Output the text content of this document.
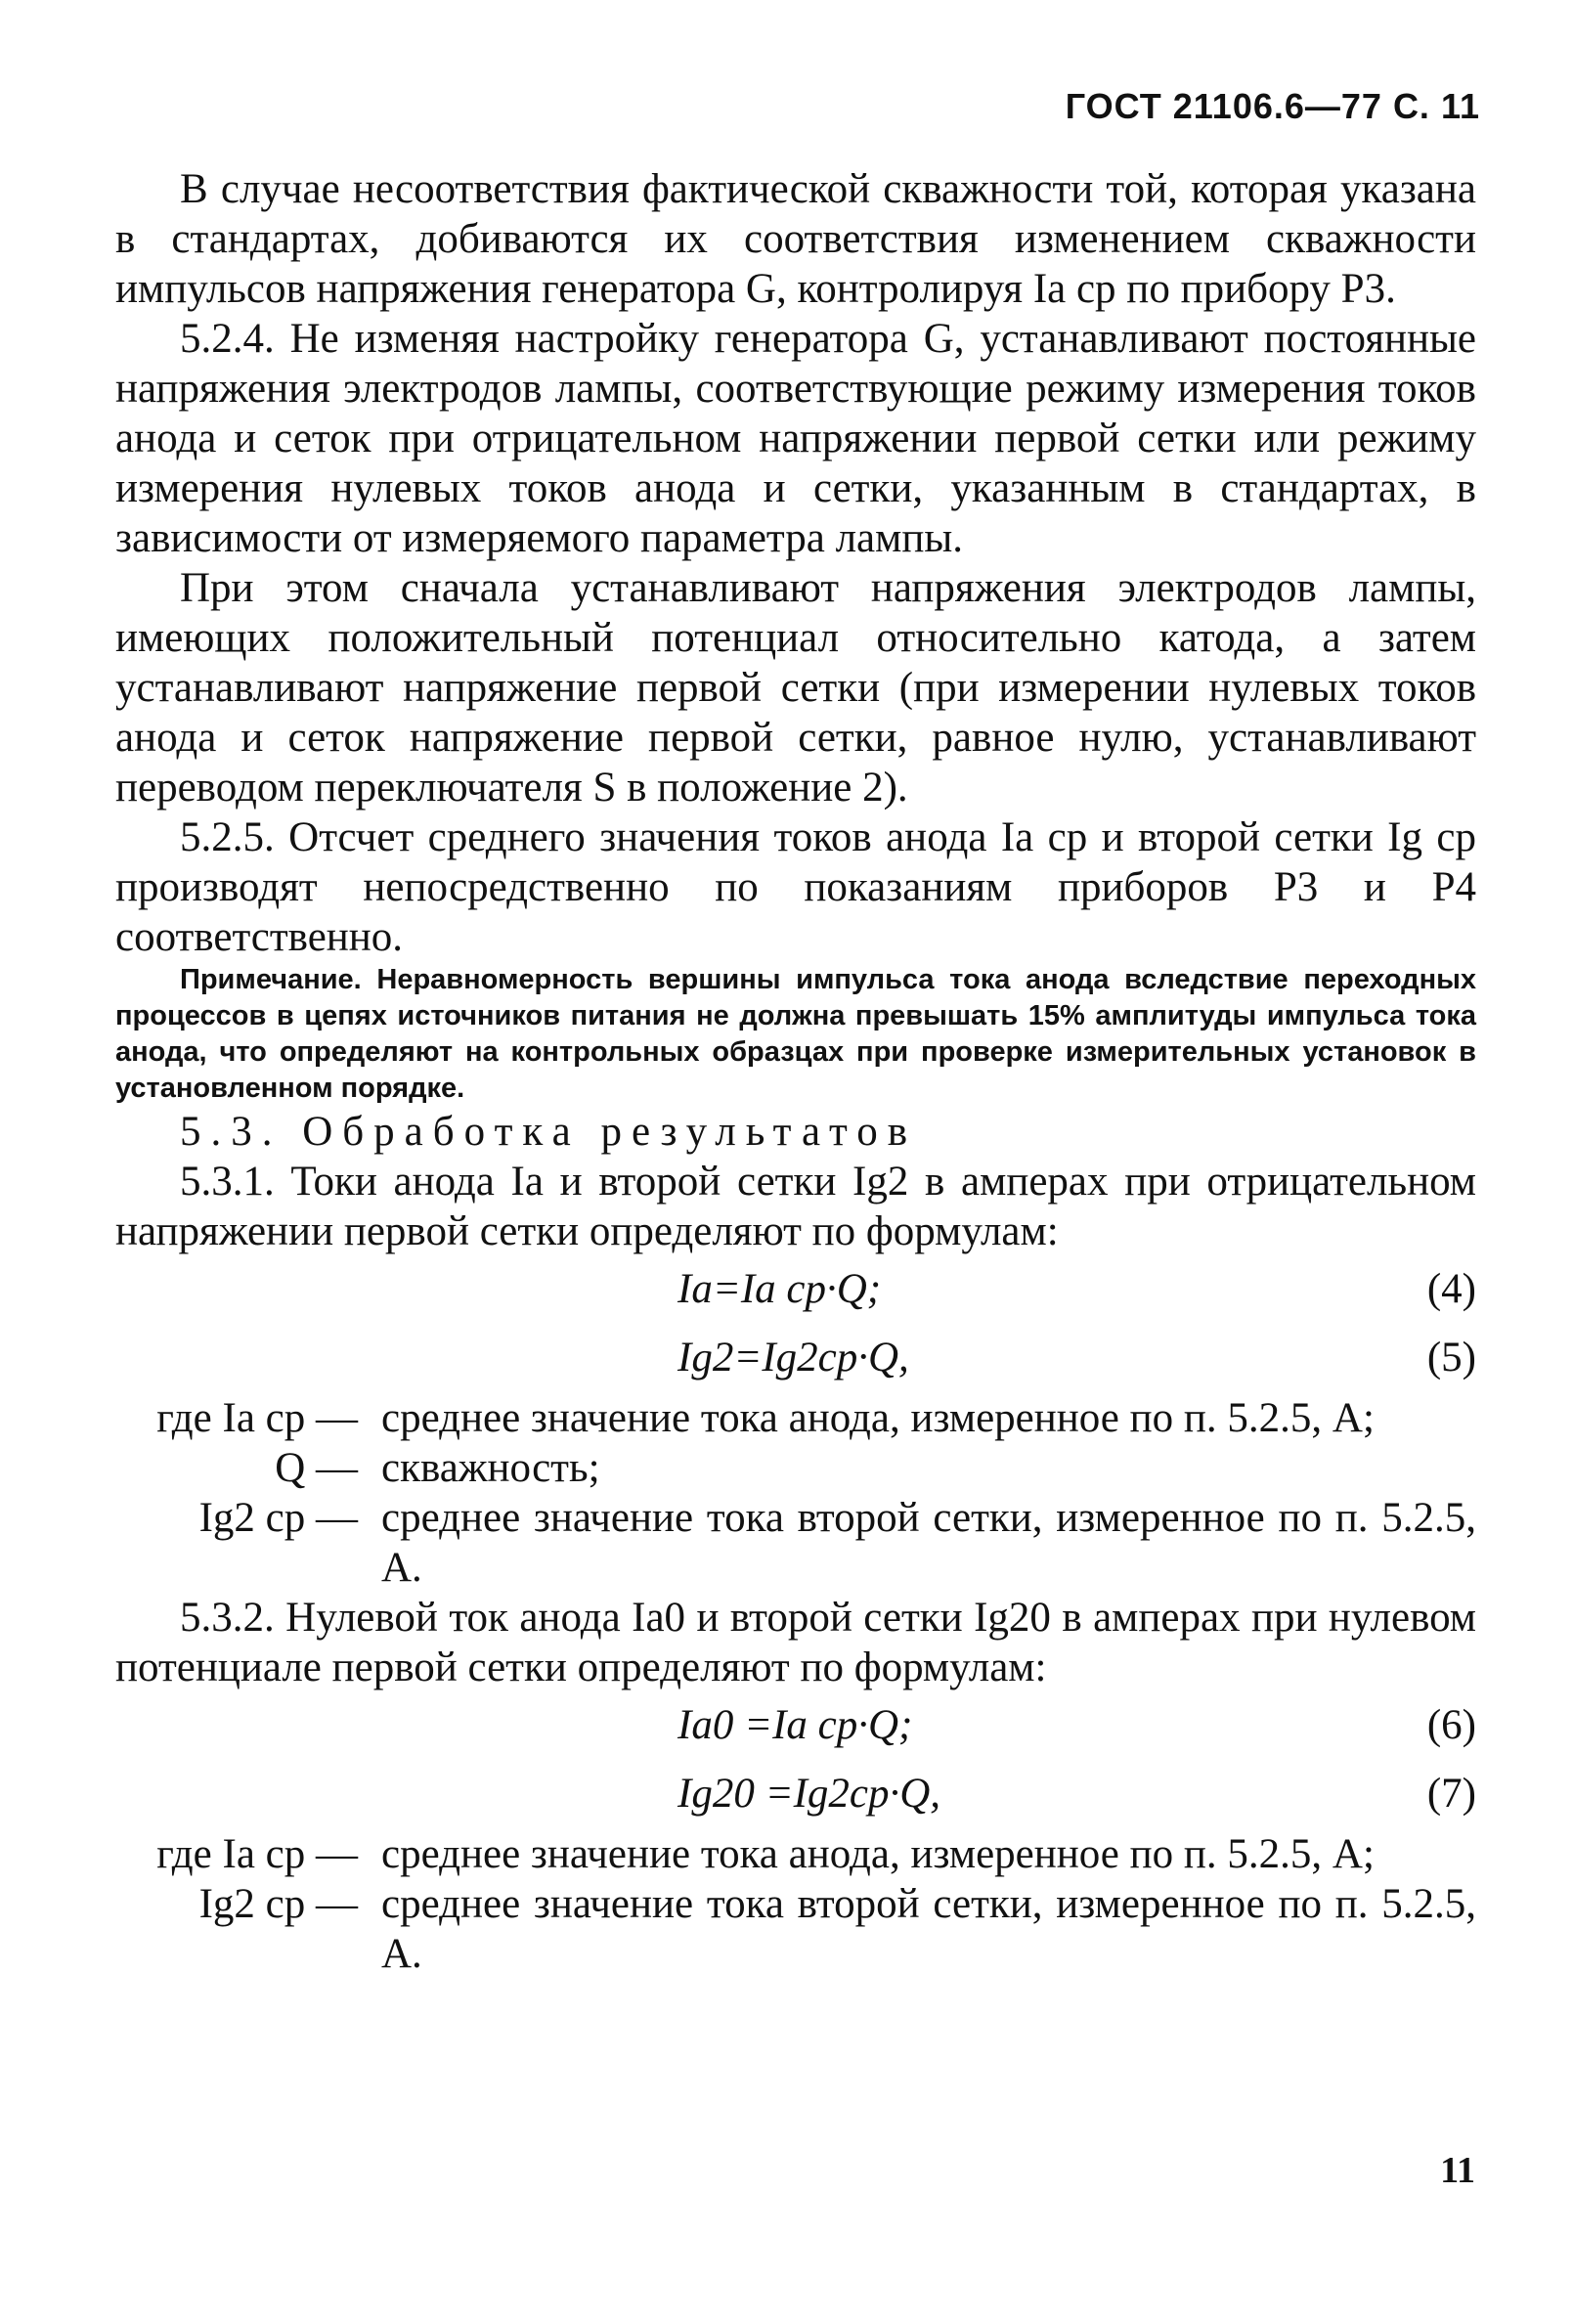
ГОСТ 21106.6—77 С. 11

В случае несоответствия фактической скважности той, которая указана в стандартах, добиваются их соответствия изменением скважности импульсов напряжения генератора G, контролируя Iа ср по прибору Р3.

5.2.4. Не изменяя настройку генератора G, устанавливают постоянные напряжения электродов лампы, соответствующие режиму измерения токов анода и сеток при отрицательном напряжении первой сетки или режиму измерения нулевых токов анода и сетки, указанным в стандартах, в зависимости от измеряемого параметра лампы.

При этом сначала устанавливают напряжения электродов лампы, имеющих положительный потенциал относительно катода, а затем устанавливают напряжение первой сетки (при измерении нулевых токов анода и сеток напряжение первой сетки, равное нулю, устанавливают переводом переключателя S в положение 2).

5.2.5. Отсчет среднего значения токов анода Iа ср и второй сетки Ig ср производят непосредственно по показаниям приборов Р3 и Р4 соответственно.

Примечание. Неравномерность вершины импульса тока анода вследствие переходных процессов в цепях источников питания не должна превышать 15% амплитуды импульса тока анода, что определяют на контрольных образцах при проверке измерительных установок в установленном порядке.

5.3. Обработка результатов

5.3.1. Токи анода Iа и второй сетки Ig2 в амперах при отрицательном напряжении первой сетки определяют по формулам:

Iа=Iа ср·Q;	(4)
Ig2=Ig2ср·Q,	(5)
где Iа ср — среднее значение тока анода, измеренное по п. 5.2.5, А;
Q — скважность;
Ig2 ср — среднее значение тока второй сетки, измеренное по п. 5.2.5, А.

5.3.2. Нулевой ток анода Iа0 и второй сетки Ig20 в амперах при нулевом потенциале первой сетки определяют по формулам:

Iа0 =Iа ср·Q;	(6)
Ig20 =Ig2ср·Q,	(7)
где Iа ср — среднее значение тока анода, измеренное по п. 5.2.5, А;
Ig2 ср — среднее значение тока второй сетки, измеренное по п. 5.2.5, А.
11
